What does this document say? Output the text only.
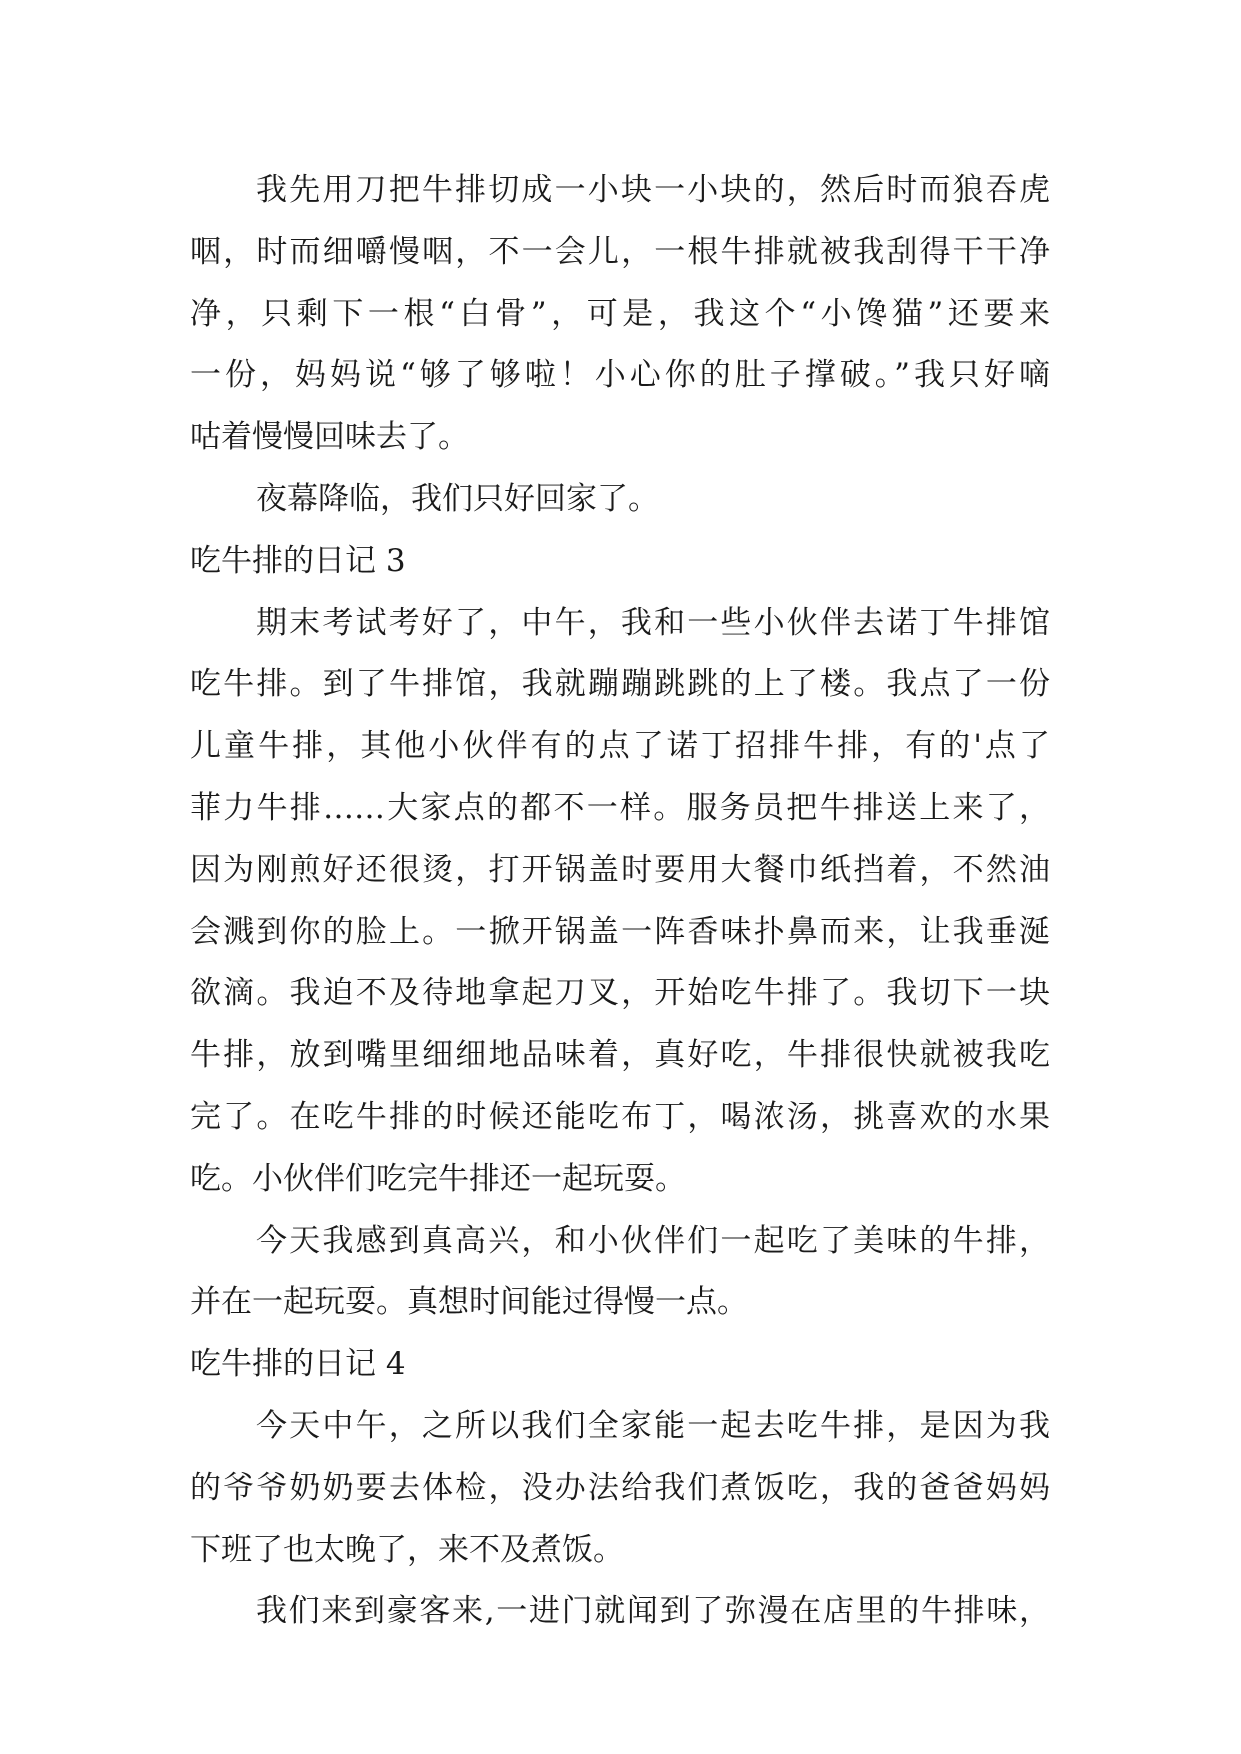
我先用刀把牛排切成一小块一小块的，然后时而狼吞虎
咽，时而细嚼慢咽，不一会儿，一根牛排就被我刮得干干净
净，只剩下一根“白骨”，可是，我这个“小馋猫”还要来
一份，妈妈说“够了够啦！小心你的肚子撑破。”我只好嘀
咕着慢慢回味去了。
夜幕降临，我们只好回家了。
吃牛排的日记 3
期末考试考好了，中午，我和一些小伙伴去诺丁牛排馆
吃牛排。到了牛排馆，我就蹦蹦跳跳的上了楼。我点了一份
儿童牛排，其他小伙伴有的点了诺丁招排牛排，有的'点了
菲力牛排……大家点的都不一样。服务员把牛排送上来了，
因为刚煎好还很烫，打开锅盖时要用大餐巾纸挡着，不然油
会溅到你的脸上。一掀开锅盖一阵香味扑鼻而来，让我垂涎
欲滴。我迫不及待地拿起刀叉，开始吃牛排了。我切下一块
牛排，放到嘴里细细地品味着，真好吃，牛排很快就被我吃
完了。在吃牛排的时候还能吃布丁，喝浓汤，挑喜欢的水果
吃。小伙伴们吃完牛排还一起玩耍。
今天我感到真高兴，和小伙伴们一起吃了美味的牛排，
并在一起玩耍。真想时间能过得慢一点。
吃牛排的日记 4
今天中午，之所以我们全家能一起去吃牛排，是因为我
的爷爷奶奶要去体检，没办法给我们煮饭吃，我的爸爸妈妈
下班了也太晚了，来不及煮饭。
我们来到豪客来,一进门就闻到了弥漫在店里的牛排味，
